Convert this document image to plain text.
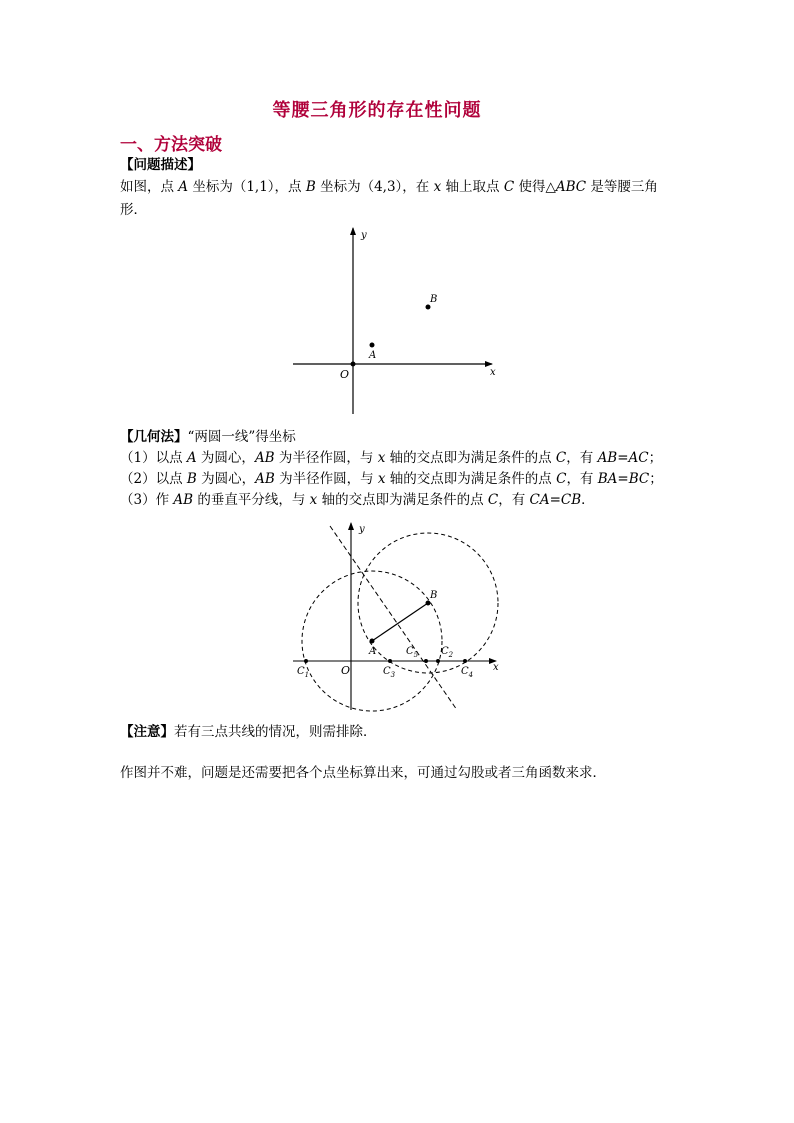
等腰三角形的存在性问题
一、方法突破
【问题描述】
如图，点 A 坐标为（1,1），点 B 坐标为（4,3），在 x 轴上取点 C 使得△ABC 是等腰三角
形．
y
x
O
A
B
【几何法】“两圆一线”得坐标
（1）以点 A 为圆心，AB 为半径作圆，与 x 轴的交点即为满足条件的点 C，有 AB=AC；
（2）以点 B 为圆心，AB 为半径作圆，与 x 轴的交点即为满足条件的点 C，有 BA=BC；
（3）作 AB 的垂直平分线，与 x 轴的交点即为满足条件的点 C，有 CA=CB．
y
x
O
A
B
$C_1$	$C_3$
$C_5$ $C_2$
$C_4$
【注意】若有三点共线的情况，则需排除．
作图并不难，问题是还需要把各个点坐标算出来，可通过勾股或者三角函数来求．
